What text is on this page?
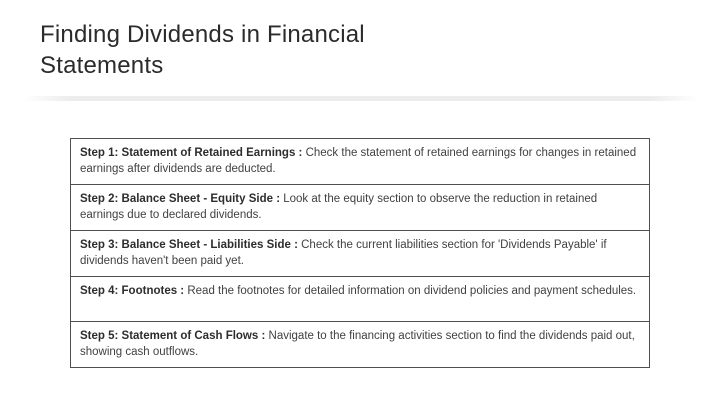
Finding Dividends in Financial
Statements
Step 1: Statement of Retained Earnings : Check the statement of retained earnings for changes in retained earnings after dividends are deducted.
Step 2: Balance Sheet - Equity Side : Look at the equity section to observe the reduction in retained earnings due to declared dividends.
Step 3: Balance Sheet - Liabilities Side : Check the current liabilities section for 'Dividends Payable' if dividends haven't been paid yet.
Step 4: Footnotes : Read the footnotes for detailed information on dividend policies and payment schedules.
Step 5: Statement of Cash Flows : Navigate to the financing activities section to find the dividends paid out, showing cash outflows.
